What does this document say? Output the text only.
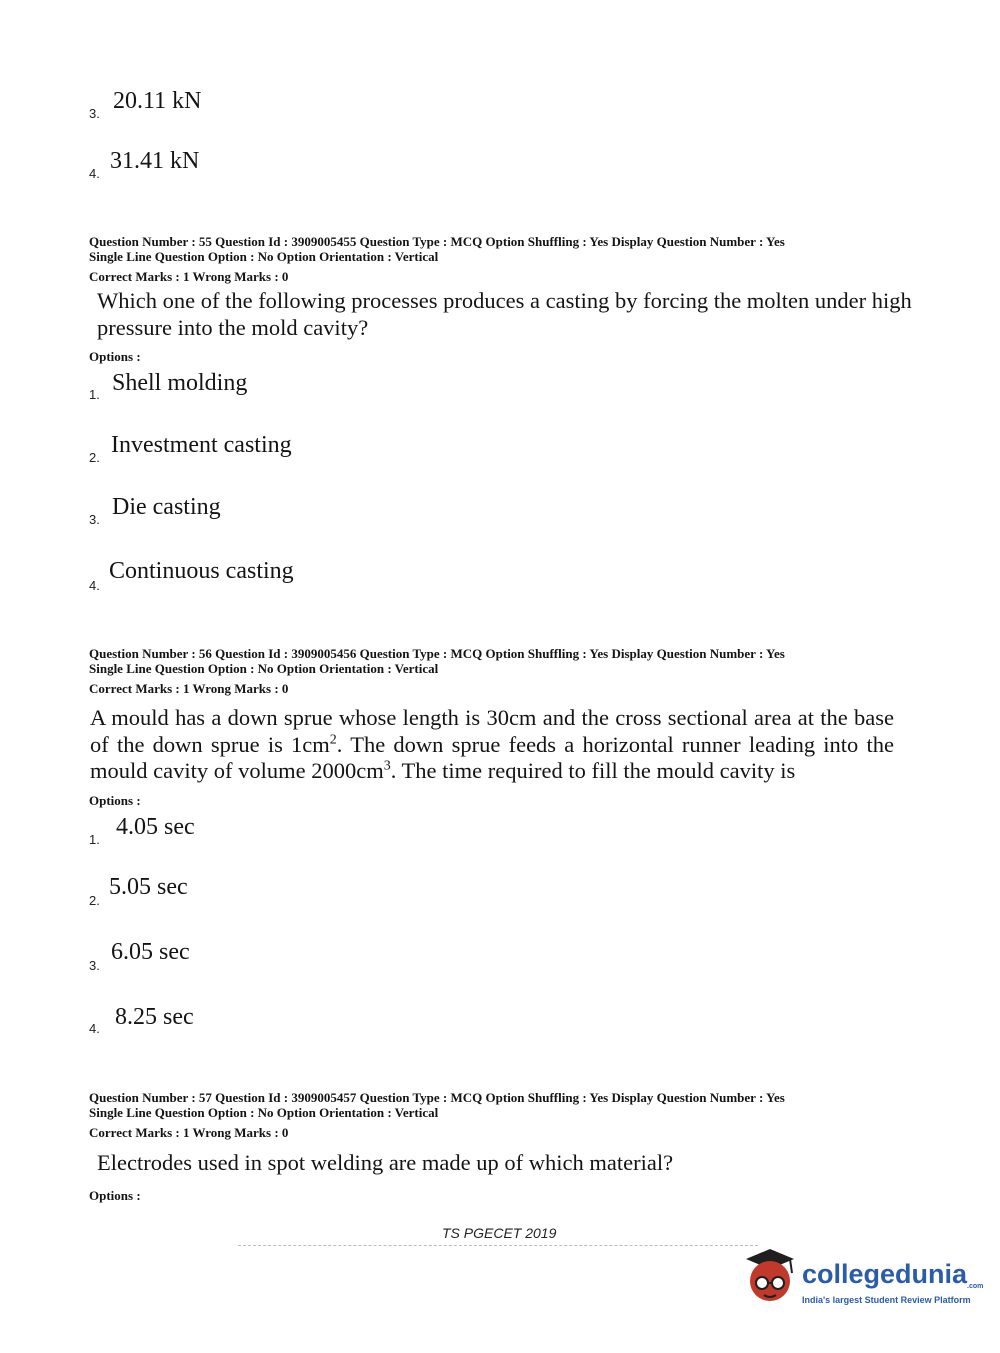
3. 20.11 kN
4. 31.41 kN
Question Number : 55 Question Id : 3909005455 Question Type : MCQ Option Shuffling : Yes Display Question Number : Yes
Single Line Question Option : No Option Orientation : Vertical
Correct Marks : 1 Wrong Marks : 0
Which one of the following processes produces a casting by forcing the molten under high pressure into the mold cavity?
Options :
1. Shell molding
2. Investment casting
3. Die casting
4.
Continuous casting
Question Number : 56 Question Id : 3909005456 Question Type : MCQ Option Shuffling : Yes Display Question Number : Yes
Single Line Question Option : No Option Orientation : Vertical
Correct Marks : 1 Wrong Marks : 0
A mould has a down sprue whose length is 30cm and the cross sectional area at the base of the down sprue is $1cm^2$. The down sprue feeds a horizontal runner leading into the mould cavity of volume $2000cm^3$. The time required to fill the mould cavity is
Options :
1. 4.05 sec
2.
5.05 sec
3.
6.05 sec
4. 8.25 sec
Question Number : 57 Question Id : 3909005457 Question Type : MCQ Option Shuffling : Yes Display Question Number : Yes
Single Line Question Option : No Option Orientation : Vertical
Correct Marks : 1 Wrong Marks : 0
Electrodes used in spot welding are made up of which material?
Options :
TS PGECET 2019
collegedunia.com
India's largest Student Review Platform
